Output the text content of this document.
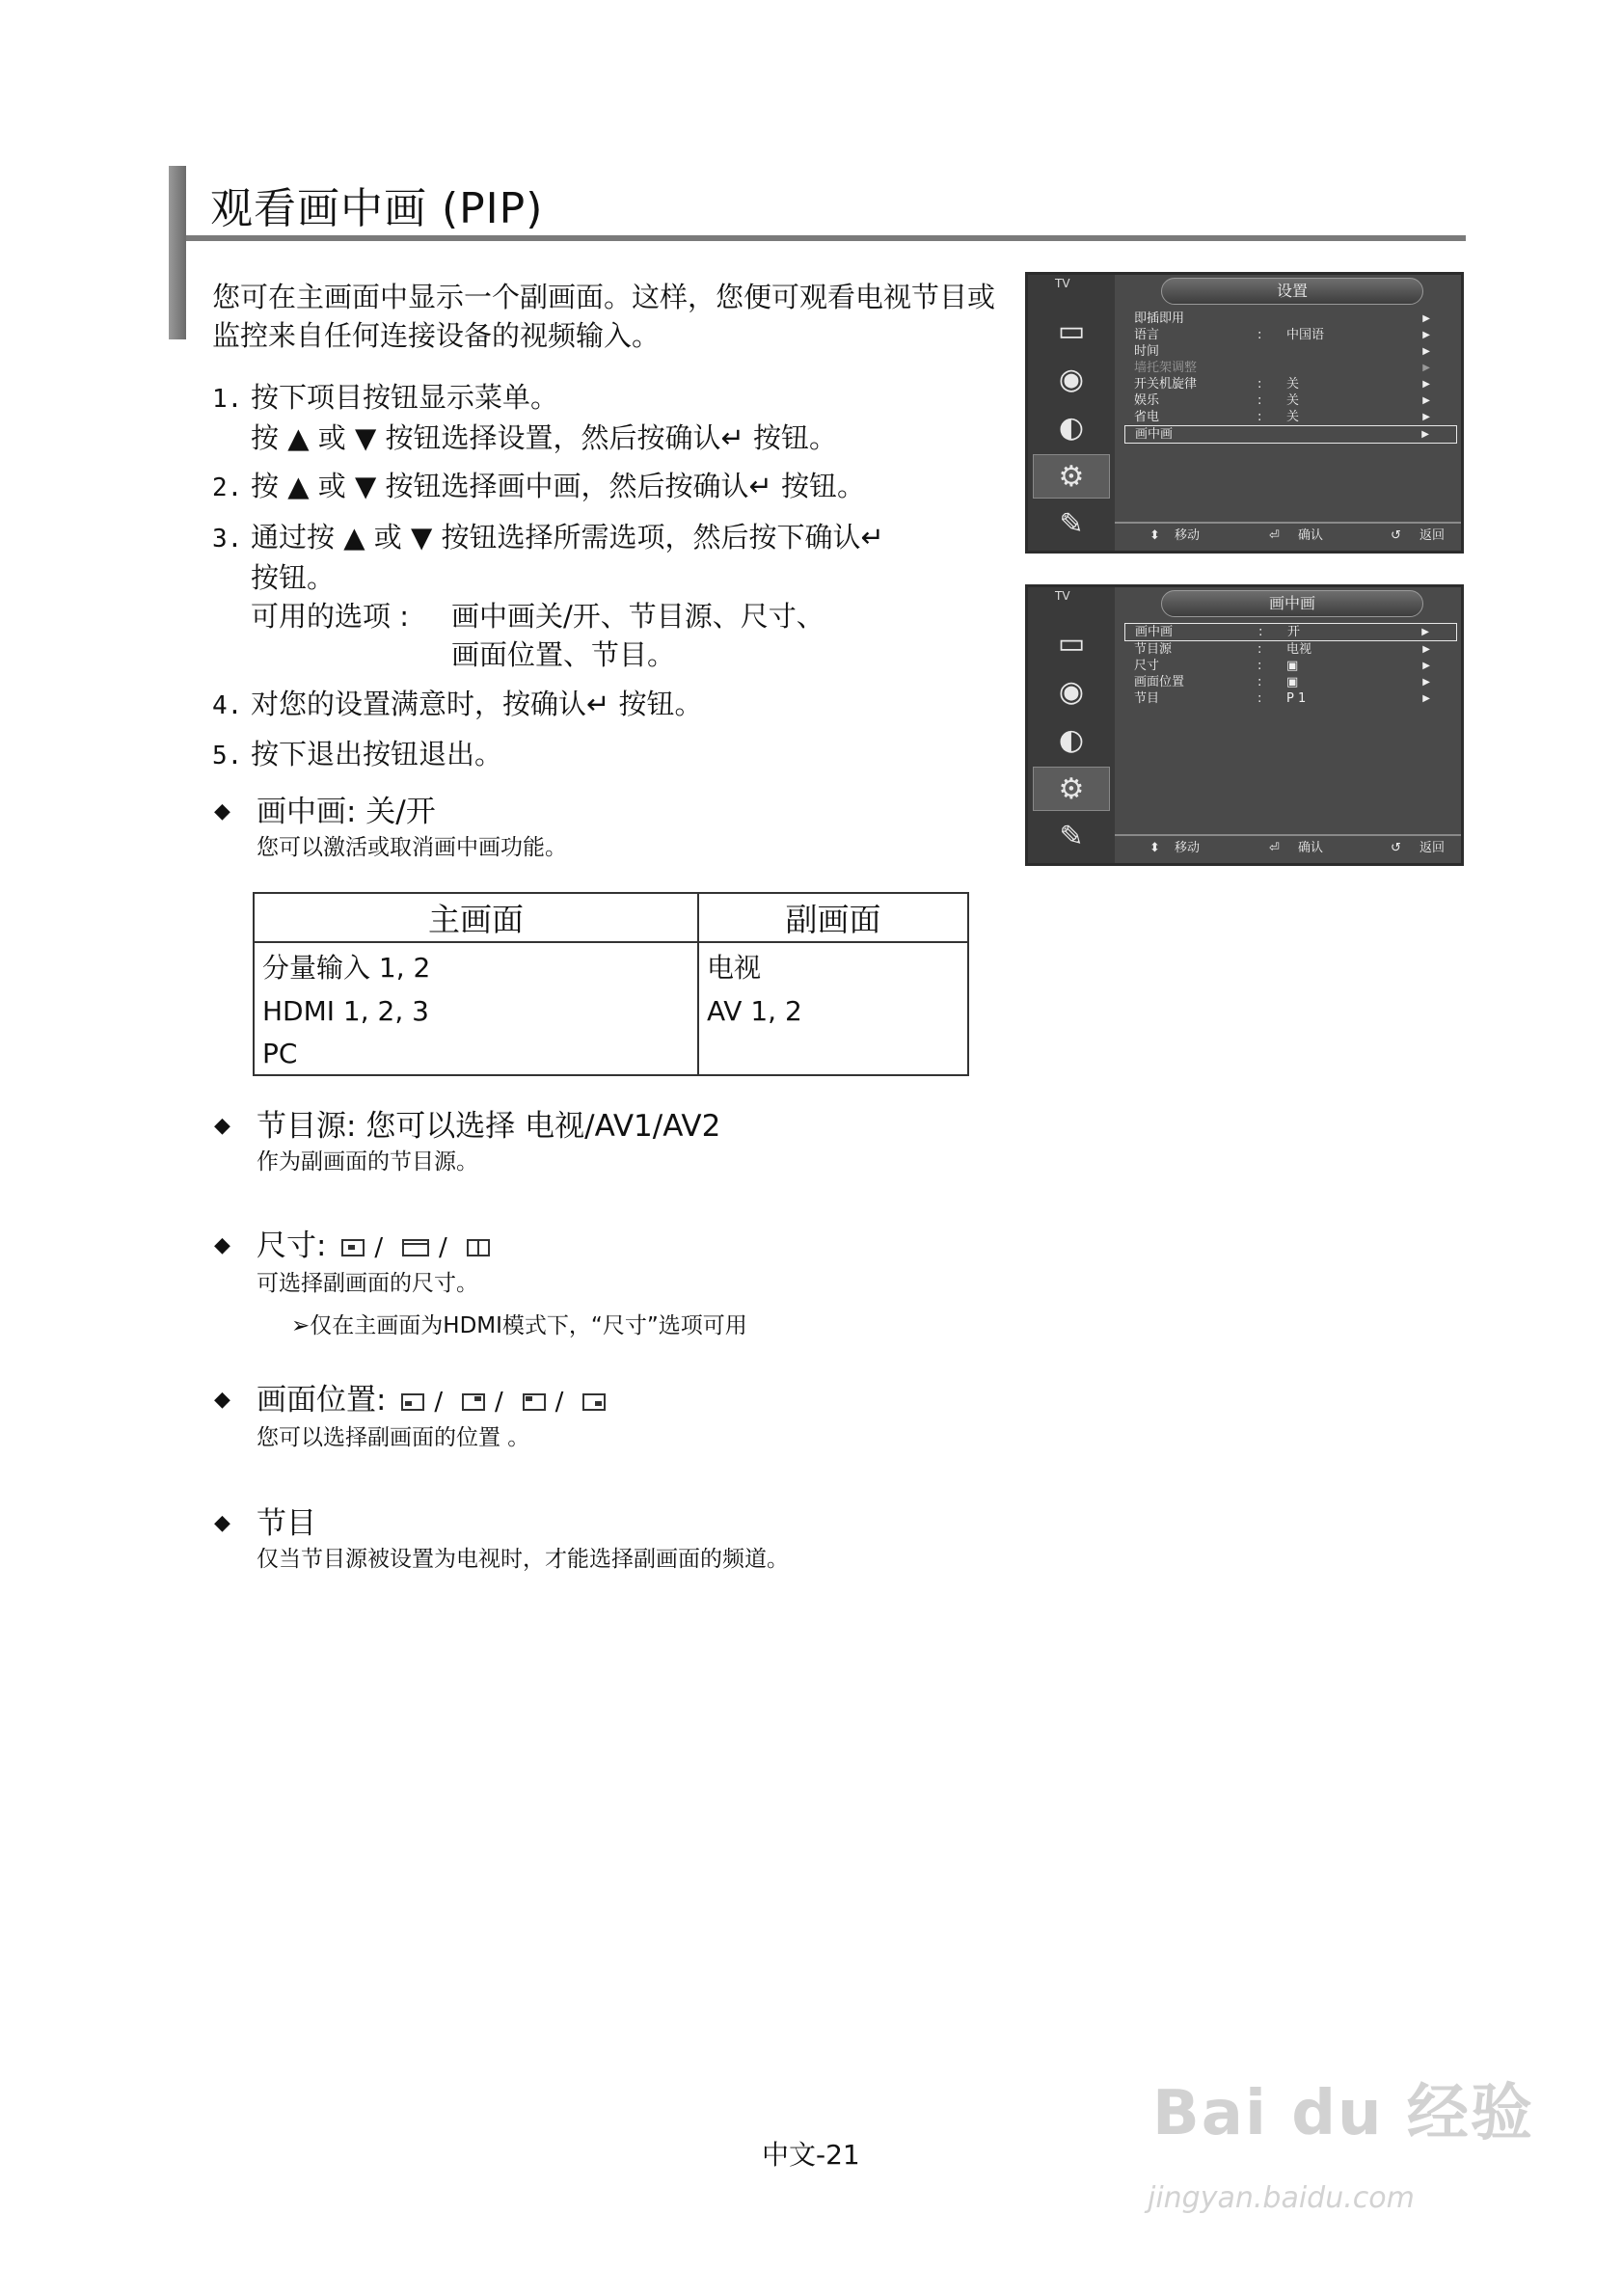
观看画中画 (PIP)
您可在主画面中显示一个副画面。这样，您便可观看电视节目或监控来自任何连接设备的视频输入。
1. 按下项目按钮显示菜单。
按 ▲ 或 ▼ 按钮选择设置，然后按确认↵ 按钮。
2. 按 ▲ 或 ▼ 按钮选择画中画，然后按确认↵ 按钮。
3. 通过按 ▲ 或 ▼ 按钮选择所需选项，然后按下确认↵
按钮。
可用的选项 :	画中画关/开、节目源、尺寸、
画面位置、节目。
4. 对您的设置满意时，按确认↵ 按钮。
5. 按下退出按钮退出。
◆ 画中画: 关/开
您可以激活或取消画中画功能。
主画面	副画面
分量输入 1, 2	电视
HDMI 1, 2, 3	AV 1, 2
PC	
◆ 节目源: 您可以选择 电视/AV1/AV2
作为副画面的节目源。
◆ 尺寸: / /
可选择副画面的尺寸。
➢仅在主画面为HDMI模式下，“尺寸”选项可用
◆ 画面位置: / / /
您可以选择副画面的位置 。
◆ 节目
仅当节目源被设置为电视时，才能选择副画面的频道。
TV
▭
◉
◐
⚙
✎
设置
即插即用	▶
语言	: 中国语	▶
时间	▶
墙托架调整	▶
开关机旋律	: 关	▶
娱乐	: 关	▶
省电	: 关	▶
画中画	▶
⬍ 移动	⏎ 确认	↺ 返回
TV
▭
◉
◐
⚙
✎
画中画
画中画	: 开	▶
节目源	: 电视	▶
尺寸	: ▣	▶
画面位置	: ▣	▶
节目	: P 1	▶
⬍ 移动	⏎ 确认	↺ 返回
中文-21
Bai du 经验
jingyan.baidu.com
